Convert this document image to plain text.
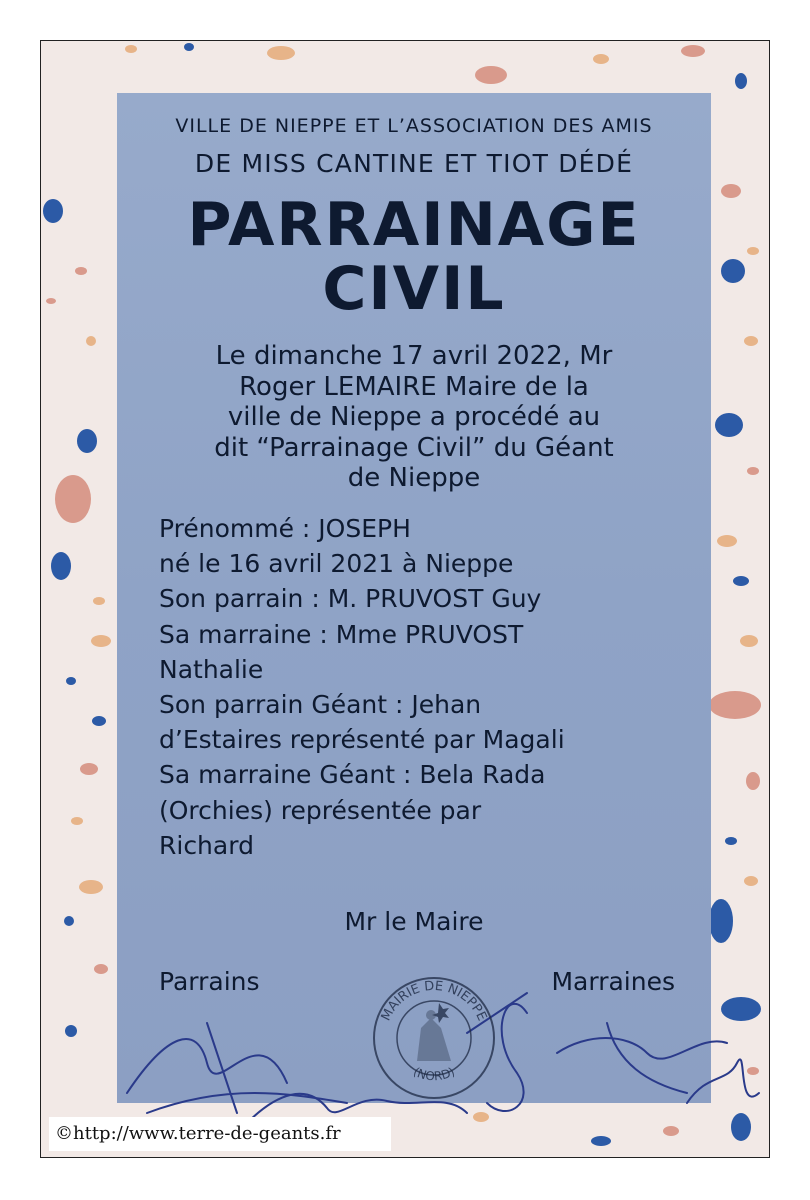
VILLE DE NIEPPE ET L’ASSOCIATION DES AMIS
DE MISS CANTINE ET TIOT DÉDÉ
PARRAINAGE
CIVIL
Le dimanche 17 avril 2022, Mr
Roger LEMAIRE Maire de la
ville de Nieppe a procédé au
dit “Parrainage Civil” du Géant
de Nieppe
Prénommé : JOSEPH
né le 16 avril 2021 à Nieppe
Son parrain : M. PRUVOST Guy
Sa marraine : Mme PRUVOST
Nathalie
Son parrain Géant : Jehan
d’Estaires représenté par Magali
Sa marraine Géant : Bela Rada
(Orchies) représentée par
Richard
Mr le Maire
Parrains	Marraines
MAIRIE DE NIEPPE
(NORD)
©http://www.terre-de-geants.fr
